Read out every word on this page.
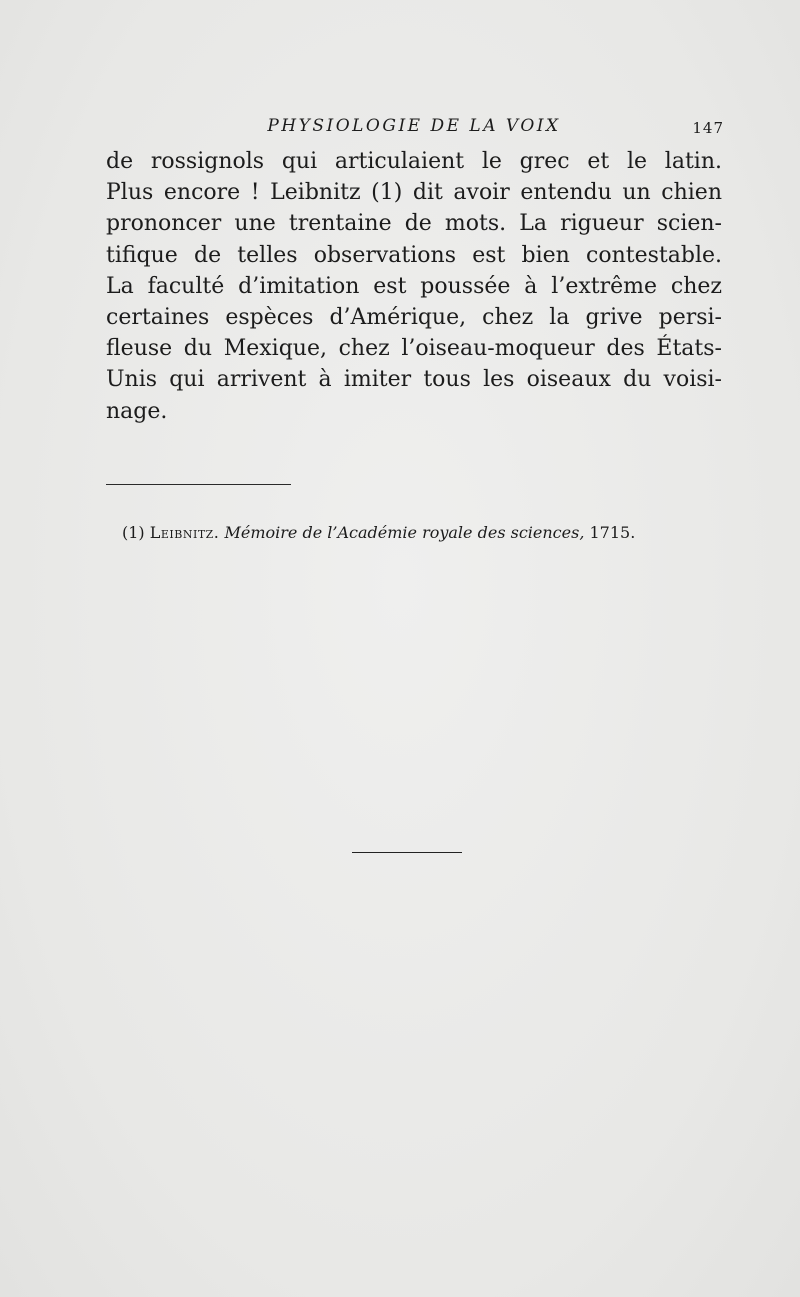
PHYSIOLOGIE DE LA VOIX	147
de rossignols qui articulaient le grec et le latin.
Plus encore ! Leibnitz (1) dit avoir entendu un chien
prononcer une trentaine de mots. La rigueur scien-
tifique de telles observations est bien contestable.
La faculté d’imitation est poussée à l’extrême chez
certaines espèces d’Amérique, chez la grive persi-
fleuse du Mexique, chez l’oiseau-moqueur des États-
Unis qui arrivent à imiter tous les oiseaux du voisi-
nage.
(1) Leibnitz. Mémoire de l’Académie royale des sciences, 1715.
